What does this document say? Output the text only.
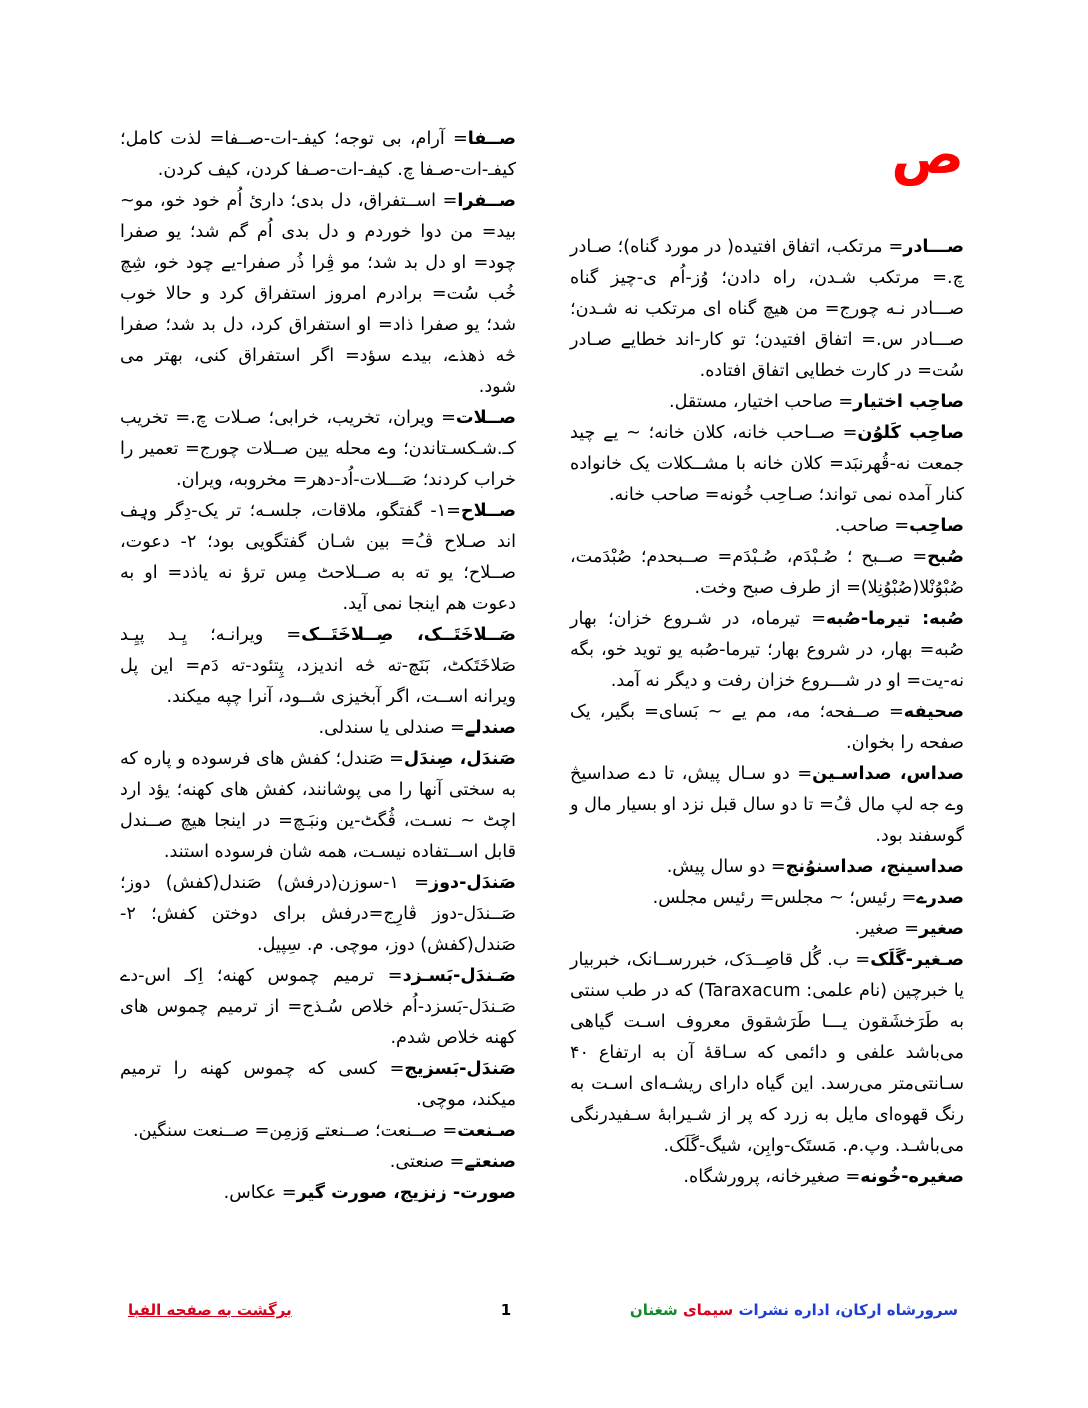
ص

صــفا= آرام، بی توجه؛ کیفـ-ات-صــفا= لذت کامل؛ کیفـ-ات-صـفا چ. کیفـ-ات-صـفا کردن، کیف کردن.

صــفرا= اســتفراق، دل بدی؛ داریٔ اُم خود خو، مو~ بید= من دوا خوردم و دل بدی اُم گم شد؛ یو صفرا چود= او دل بد شد؛ مو ڤِرا ذُر صفرا-یے چود خو، شِچ خُب سُت= برادرم امروز استفراق کرد و حالا خوب شد؛ یو صفرا ذاد= او استفراق کرد، دل بد شد؛ صفرا څه ذهذے، بیدے سؤد= اگر استفراق کنی، بهتر می شود.

صــلات= ویران، تخریب، خرابی؛ صـلات چ.= تخریب کـ.شـکسـتاندن؛ وے محله یین صــلات چورج= تعمیر را خراب کردند؛ صَـــلات-اُد-دهر= مخروبه، ویران.

صــلاح=۱- گفتگو، ملاقات، جلسـه؛ تر یک-دِگر وہِف اند صـلاح ڤُ= بین شـان گفتگویی بود؛ ۲- دعوت، صــلاح؛ یو ته به صــلاحٹ مِس ترؤ نه یاذد= او به دعوت هم اینجا نمی آید.

صَــلاخَتَــک، صِــلاخَتَــک= ویرانـه؛ یِـد پیِـد صَلاخَتَکٹ، بَنَچ-ته څه اندیزد، پِتئود-ته دَم= این پل ویرانه اســت، اگر آبخیزی شــود، آنرا چپه میکند.

صندلے= صندلی یا سندلی.

صَندَل، صِندَل= صَندل؛ کفش های فرسوده و پاره که به سختی آنها را می پوشانند، کفش های کهنه؛ یؤد ارد اچٹ ~ نسـت، ڤُگٹ-ین ونبَـچ= در اینجا هیچ صــندل قابل اســتفاده نیسـت، همه شان فرسوده استند.

صَندَل-دوز= ۱-سوزن(درفش) صَندل(کفش) دوز؛ صَــندَل-دوز ڤارِج=درفش برای دوختن کفش؛ ۲- صَندل(کفش) دوز، موچی. م. سِپیل.

صَـندَل-بَسـزد= ترمیم چموس کهنه؛ اِکـ اس-دے صَـندَل-بَسزد-اُم خلاص سُـذج= از ترمیم چموس های کهنه خلاص شدم.

صَندَل-بَسزیج= کسی که چموس کهنه را ترمیم میکند، موچی.

صـنعت= صــنعت؛ صــنعتے وَزمِن= صــنعت سنگین.

صنعتے= صنعتی.

صورت- زنزیج، صورت گیر= عکاس.

صـــادر= مرتکب، اتفاق افتیده( در مورد گناه)؛ صـادر چ.= مرتکب شـدن، راه دادن؛ وُز-اُم ی-چیز گناه صـــادر نـه چورج= من هیچ گناه ای مرتکب نه شـدن؛ صـــادر س.= اتفاق افتیدن؛ تو کار-اند خطایے صـادر سُت= در کارت خطایی اتفاق افتاده.

صاحِب اختیار= صاحب اختیار، مستقل.

صاحِب کَلوُن= صــاحب خانه، کلان خانه؛ ~ یے چید جمعت نه-قُهرنبَد= کلان خانه با مشــکلات یک خانواده کنار آمده نمی تواند؛ صـاحِب خُونه= صاحب خانه.

صاحِب= صاحب.

صُبح= صــبح ؛ صُـبْدَم، صُـبْدَم= صــبحدم؛ صُبْدَمت، صُبْوُنْلا(صُبْوُنِلا)= از طرف صبح وخت.

صُبه: تیرما-صُبه= تیرماه، در شـروع خزان؛ بهار صُبه= بهار، در شروع بهار؛ تیرما-صُبه یو تويد خو، بگه نه-یت= او در شـــروع خزان رفت و دیگر نه آمد.

صحیفه= صــفحه؛ مه، مم یے ~ بَسای= بگیر، یک صفحه را بخوان.

صداس، صداسـین= دو سـال پیش، تا دے صداسیڅ وے جه لپ مال ڤُ= تا دو سال قبل نزد او بسیار مال و گوسفند بود.

صداسینج، صداسنوُنج= دو سال پیش.

صدرے= رئیس؛ ~ مجلس= رئیس مجلس.

صغیر= صغیر.

صـغیر-گَلَک= ب. گُل قاصِــدَک، خبررســانک، خبربیار یا خبرچین (نام علمی: Taraxacum) که در طب سنتی به طَرَخشَقون یـــا طَرَشقوق معروف اسـت گیاهی می‌باشد علفی و دائمی که سـاقهٔ آن به ارتفاع ۴۰ سـانتی‌متر می‌رسد. این گیاه دارای ریشـه‌ای اسـت به رنگ قهوه‌ای مایل به زرد که پر از شـیرابهٔ سـفیدرنگی می‌باشـد. وپ.م. مَستَک-وابِن، شیگ-گَلَک.

صغیره-خُونه= صغیرخانه، پرورشگاه.

سرورشاه ارکان، اداره نشرات سیمای شغنان
1
برگشت به صفحه الفبا
